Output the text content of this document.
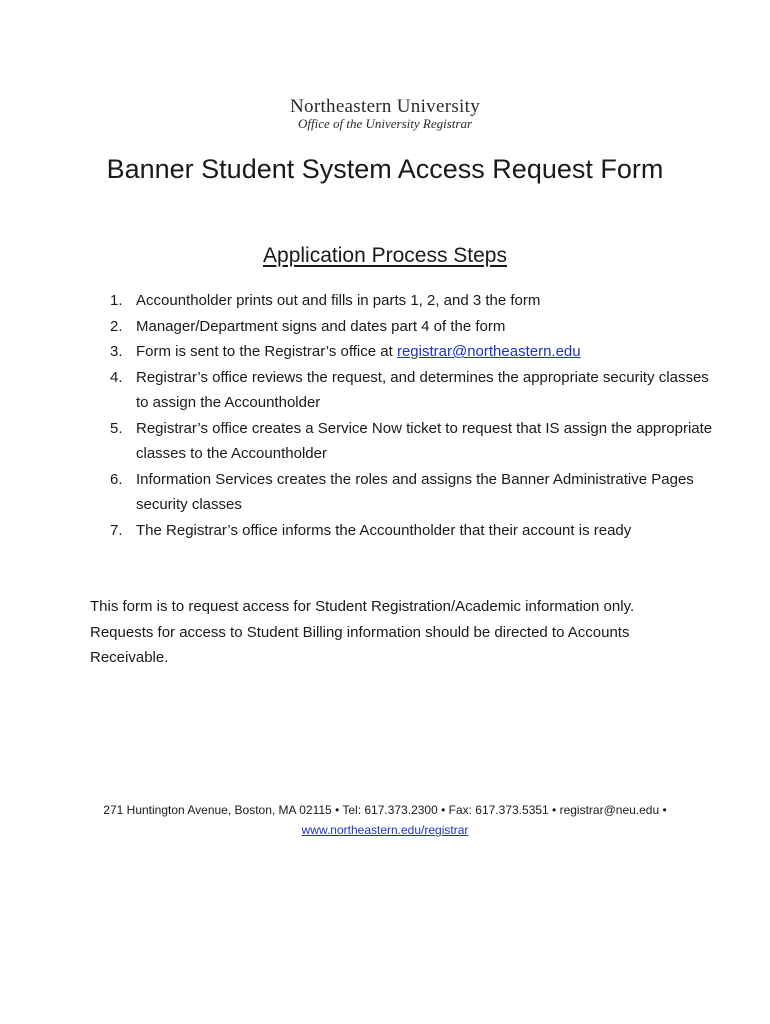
Northeastern University
Office of the University Registrar
Banner Student System Access Request Form
Application Process Steps
1. Accountholder prints out and fills in parts 1, 2, and 3 the form
2. Manager/Department signs and dates part 4 of the form
3. Form is sent to the Registrar’s office at registrar@northeastern.edu
4. Registrar’s office reviews the request, and determines the appropriate security classes to assign the Accountholder
5. Registrar’s office creates a Service Now ticket to request that IS assign the appropriate classes to the Accountholder
6. Information Services creates the roles and assigns the Banner Administrative Pages security classes
7. The Registrar’s office informs the Accountholder that their account is ready

This form is to request access for Student Registration/Academic information only. Requests for access to Student Billing information should be directed to Accounts Receivable.

271 Huntington Avenue, Boston, MA 02115 • Tel: 617.373.2300 • Fax: 617.373.5351 • registrar@neu.edu •
www.northeastern.edu/registrar
